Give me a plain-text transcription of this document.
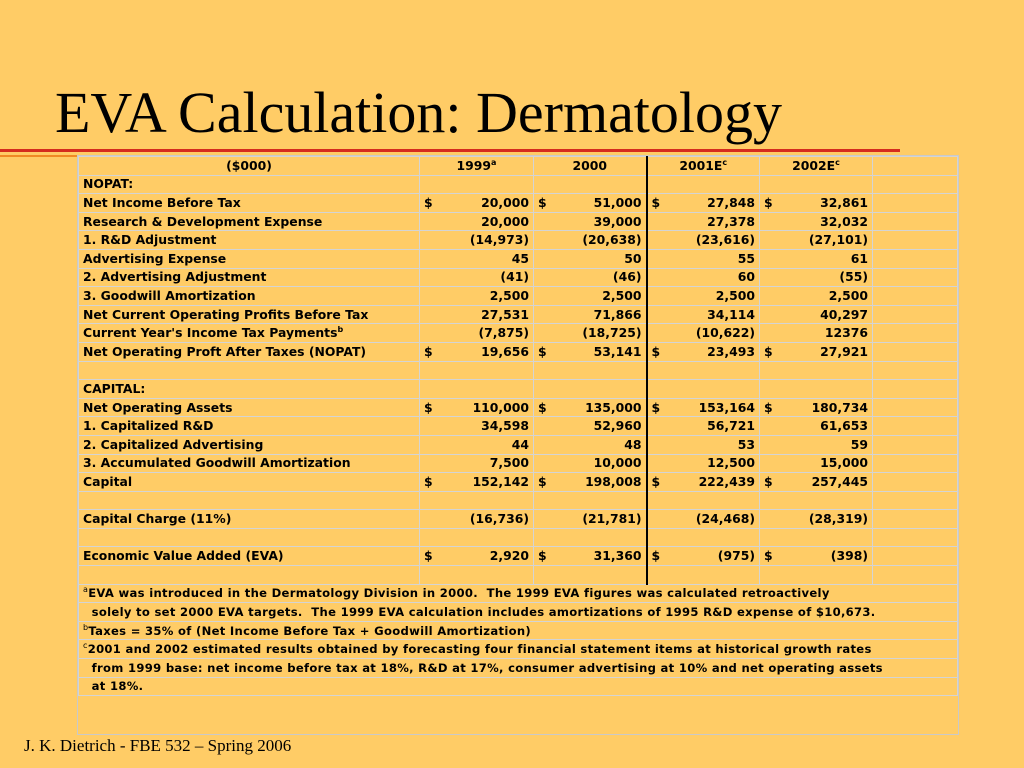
EVA Calculation: Dermatology
($000)	1999$^a$	2000	$2001E^c$	$2002E^c$	
NOPAT:	

Net Income Before Tax	$ 20,000	$ 51,000	$ 27,848	$ 32,861	

Research & Development Expense	20,000	39,000	27,378	32,032	

1. R&D Adjustment	(14,973)	(20,638)	(23,616)	(27,101)	

Advertising Expense	45	50	55	61	

2. Advertising Adjustment	(41)	(46)	60	(55)	

3. Goodwill Amortization	2,500	2,500	2,500	2,500	

Net Current Operating Profits Before Tax	27,531	71,866	34,114	40,297	

Current Year's Income Tax Payments$^b$	(7,875)	(18,725)	(10,622)	12376	

Net Operating Proft After Taxes (NOPAT)	$ 19,656	$ 53,141	$ 23,493	$ 27,921	

CAPITAL:	

Net Operating Assets	$ 110,000	$ 135,000	$ 153,164	$ 180,734	

1. Capitalized R&D	34,598	52,960	56,721	61,653	

2. Capitalized Advertising	44	48	53	59	

3. Accumulated Goodwill Amortization	7,500	10,000	12,500	15,000	

Capital	$ 152,142	$ 198,008	$ 222,439	$ 257,445	

Capital Charge (11%)	(16,736)	(21,781)	(24,468)	(28,319)	

Economic Value Added (EVA)	$ 2,920	$ 31,360	$ (975)	$ (398)	

$^a$EVA was introduced in the Dermatology Division in 2000.  The 1999 EVA figures was calculated retroactively					
solely to set 2000 EVA targets.  The 1999 EVA calculation includes amortizations of 1995 R&D expense of $10,673.					
$^b$Taxes = 35% of (Net Income Before Tax + Goodwill Amortization)					
$^c$2001 and 2002 estimated results obtained by forecasting four financial statement items at historical growth rates					
from 1999 base: net income before tax at 18%, R&D at 17%, consumer advertising at 10% and net operating assets					
at 18%.					

J. K. Dietrich - FBE 532 – Spring 2006
